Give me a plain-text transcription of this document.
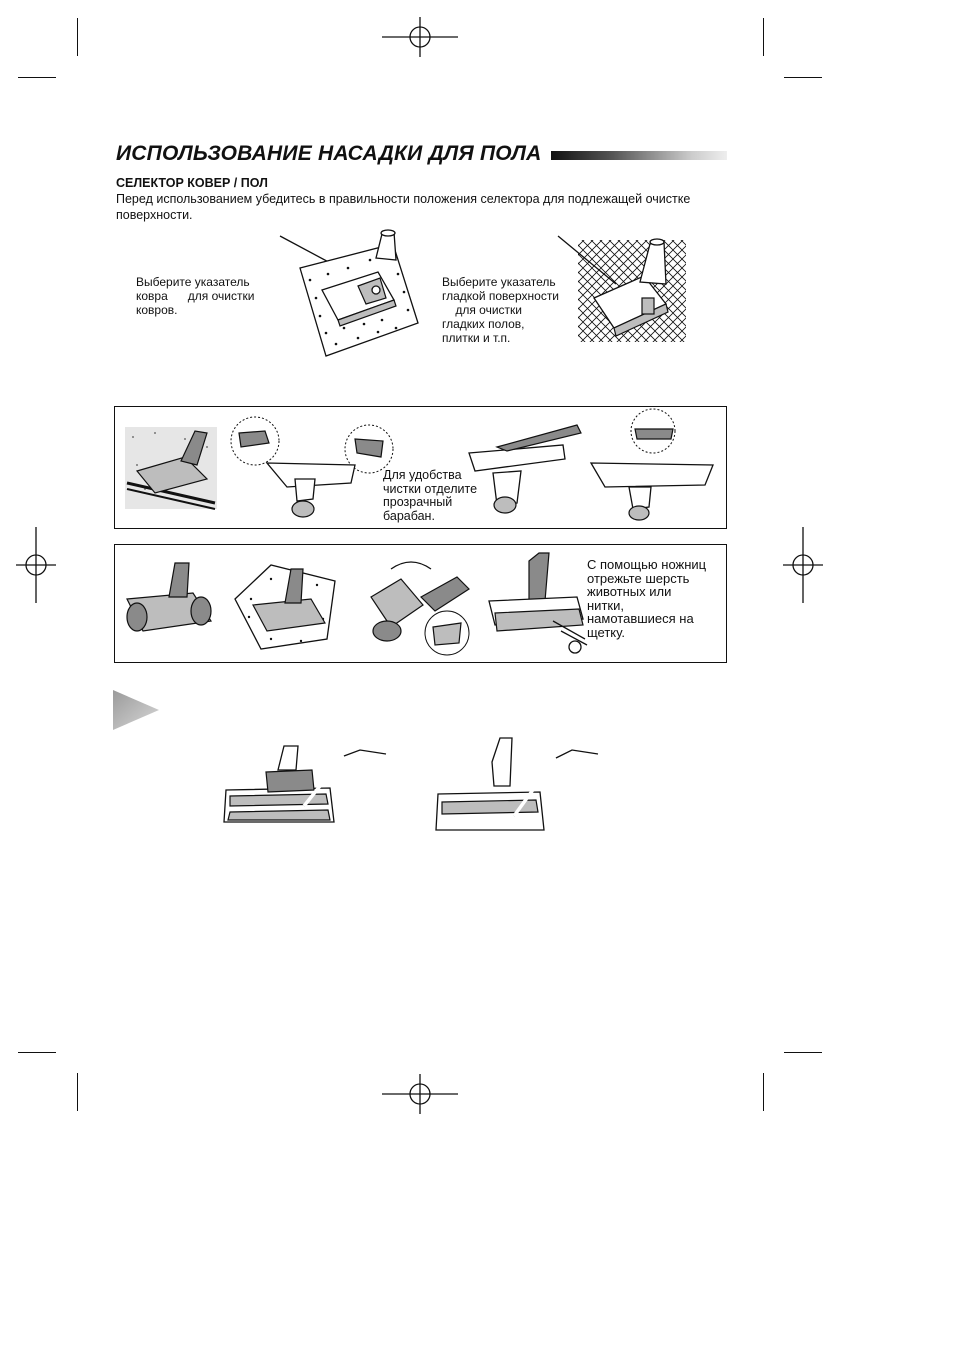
ИСПОЛЬЗОВАНИЕ НАСАДКИ ДЛЯ ПОЛА
СЕЛЕКТОР КОВЕР / ПОЛ
Перед использованием убедитесь в правильности положения селектора для подлежащей очистке поверхности.
Выберите указатель
ковра      для очистки
ковров.
Выберите указатель
гладкой поверхности
для очистки
гладких полов,
плитки и т.п.
Для удобства
чистки отделите
прозрачный
барабан.
С помощью ножниц
отрежьте шерсть
животных или
нитки,
намотавшиеся на
щетку.
